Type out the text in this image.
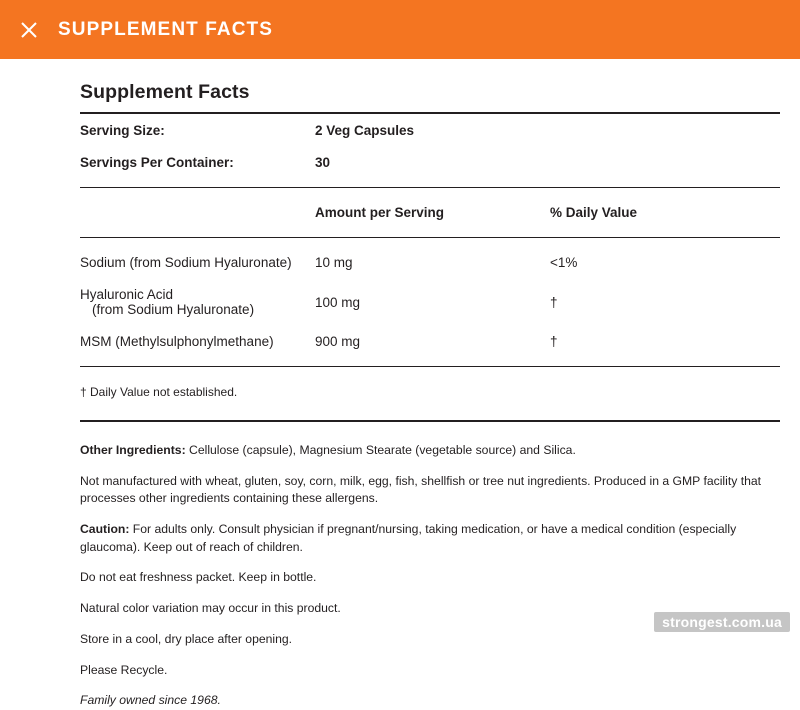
SUPPLEMENT FACTS
Supplement Facts
Serving Size:	2 Veg Capsules	
Servings Per Container:	30	

	Amount per Serving	% Daily Value

Sodium (from Sodium Hyaluronate)	10 mg	<1%
Hyaluronic Acid
(from Sodium Hyaluronate)	100 mg	†
MSM (Methylsulphonylmethane)	900 mg	†

† Daily Value not established.		

Other Ingredients: Cellulose (capsule), Magnesium Stearate (vegetable source) and Silica.

Not manufactured with wheat, gluten, soy, corn, milk, egg, fish, shellfish or tree nut ingredients. Produced in a GMP facility that processes other ingredients containing these allergens.

Caution: For adults only. Consult physician if pregnant/nursing, taking medication, or have a medical condition (especially glaucoma). Keep out of reach of children.

Do not eat freshness packet. Keep in bottle.

Natural color variation may occur in this product.

Store in a cool, dry place after opening.

Please Recycle.

Family owned since 1968.

strongest.com.ua
